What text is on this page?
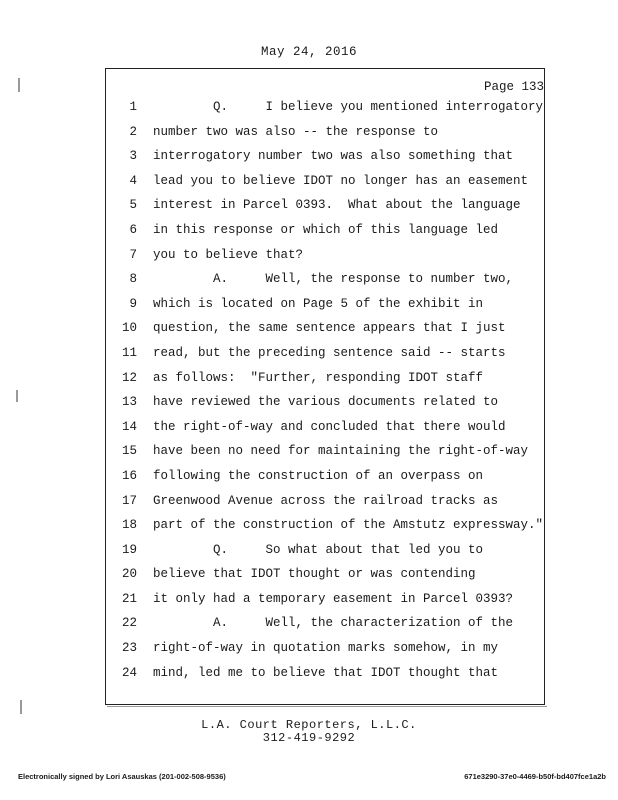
May 24, 2016
Page 133
1 Q.     I believe you mentioned interrogatory
2 number two was also -- the response to
3 interrogatory number two was also something that
4 lead you to believe IDOT no longer has an easement
5 interest in Parcel 0393.  What about the language
6 in this response or which of this language led
7 you to believe that?
8 A.     Well, the response to number two,
9 which is located on Page 5 of the exhibit in
10 question, the same sentence appears that I just
11 read, but the preceding sentence said -- starts
12 as follows:  "Further, responding IDOT staff
13 have reviewed the various documents related to
14 the right-of-way and concluded that there would
15 have been no need for maintaining the right-of-way
16 following the construction of an overpass on
17 Greenwood Avenue across the railroad tracks as
18 part of the construction of the Amstutz expressway."
19 Q.     So what about that led you to
20 believe that IDOT thought or was contending
21 it only had a temporary easement in Parcel 0393?
22 A.     Well, the characterization of the
23 right-of-way in quotation marks somehow, in my
24 mind, led me to believe that IDOT thought that
L.A. Court Reporters, L.L.C.
312-419-9292
Electronically signed by Lori Asauskas (201-002-508-9536)	671e3290-37e0-4469-b50f-bd407fce1a2b
